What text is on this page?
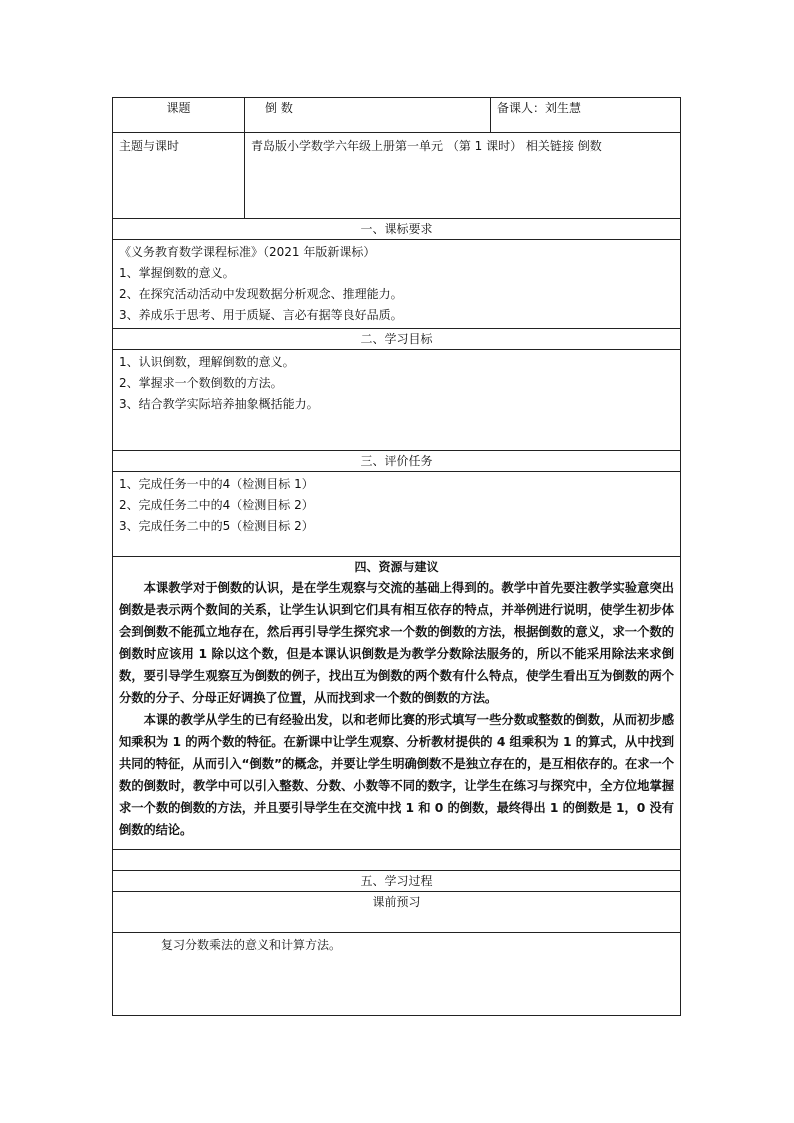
课题	倒 数	备课人：刘生慧
主题与课时	青岛版小学数学六年级上册第一单元 （第 1 课时） 相关链接 倒数	
一、课标要求		

《义务教育数学课程标准》（2021 年版新课标）
1、掌握倒数的意义。
2、在探究活动活动中发现数据分析观念、推理能力。
3、养成乐于思考、用于质疑、言必有据等良好品质。		

二、学习目标		

1、认识倒数，理解倒数的意义。
2、掌握求一个数倒数的方法。
3、结合教学实际培养抽象概括能力。		

三、评价任务		

1、完成任务一中的4（检测目标 1）
2、完成任务二中的4（检测目标 2）
3、完成任务二中的5（检测目标 2）		

四、资源与建议

本课教学对于倒数的认识，是在学生观察与交流的基础上得到的。教学中首先要注教学实验意突出倒数是表示两个数间的关系，让学生认识到它们具有相互依存的特点，并举例进行说明，使学生初步体会到倒数不能孤立地存在，然后再引导学生探究求一个数的倒数的方法，根据倒数的意义，求一个数的倒数时应该用 1 除以这个数，但是本课认识倒数是为教学分数除法服务的，所以不能采用除法来求倒数，要引导学生观察互为倒数的例子，找出互为倒数的两个数有什么特点，使学生看出互为倒数的两个分数的分子、分母正好调换了位置，从而找到求一个数的倒数的方法。

本课的教学从学生的已有经验出发，以和老师比赛的形式填写一些分数或整数的倒数，从而初步感知乘积为 1 的两个数的特征。在新课中让学生观察、分析教材提供的 4 组乘积为 1 的算式，从中找到共同的特征，从而引入“倒数”的概念，并要让学生明确倒数不是独立存在的，是互相依存的。在求一个数的倒数时，教学中可以引入整数、分数、小数等不同的数字，让学生在练习与探究中，全方位地掌握求一个数的倒数的方法，并且要引导学生在交流中找 1 和 0 的倒数，最终得出 1 的倒数是 1，0 没有倒数的结论。		

五、学习过程		
课前预习		
复习分数乘法的意义和计算方法。		
